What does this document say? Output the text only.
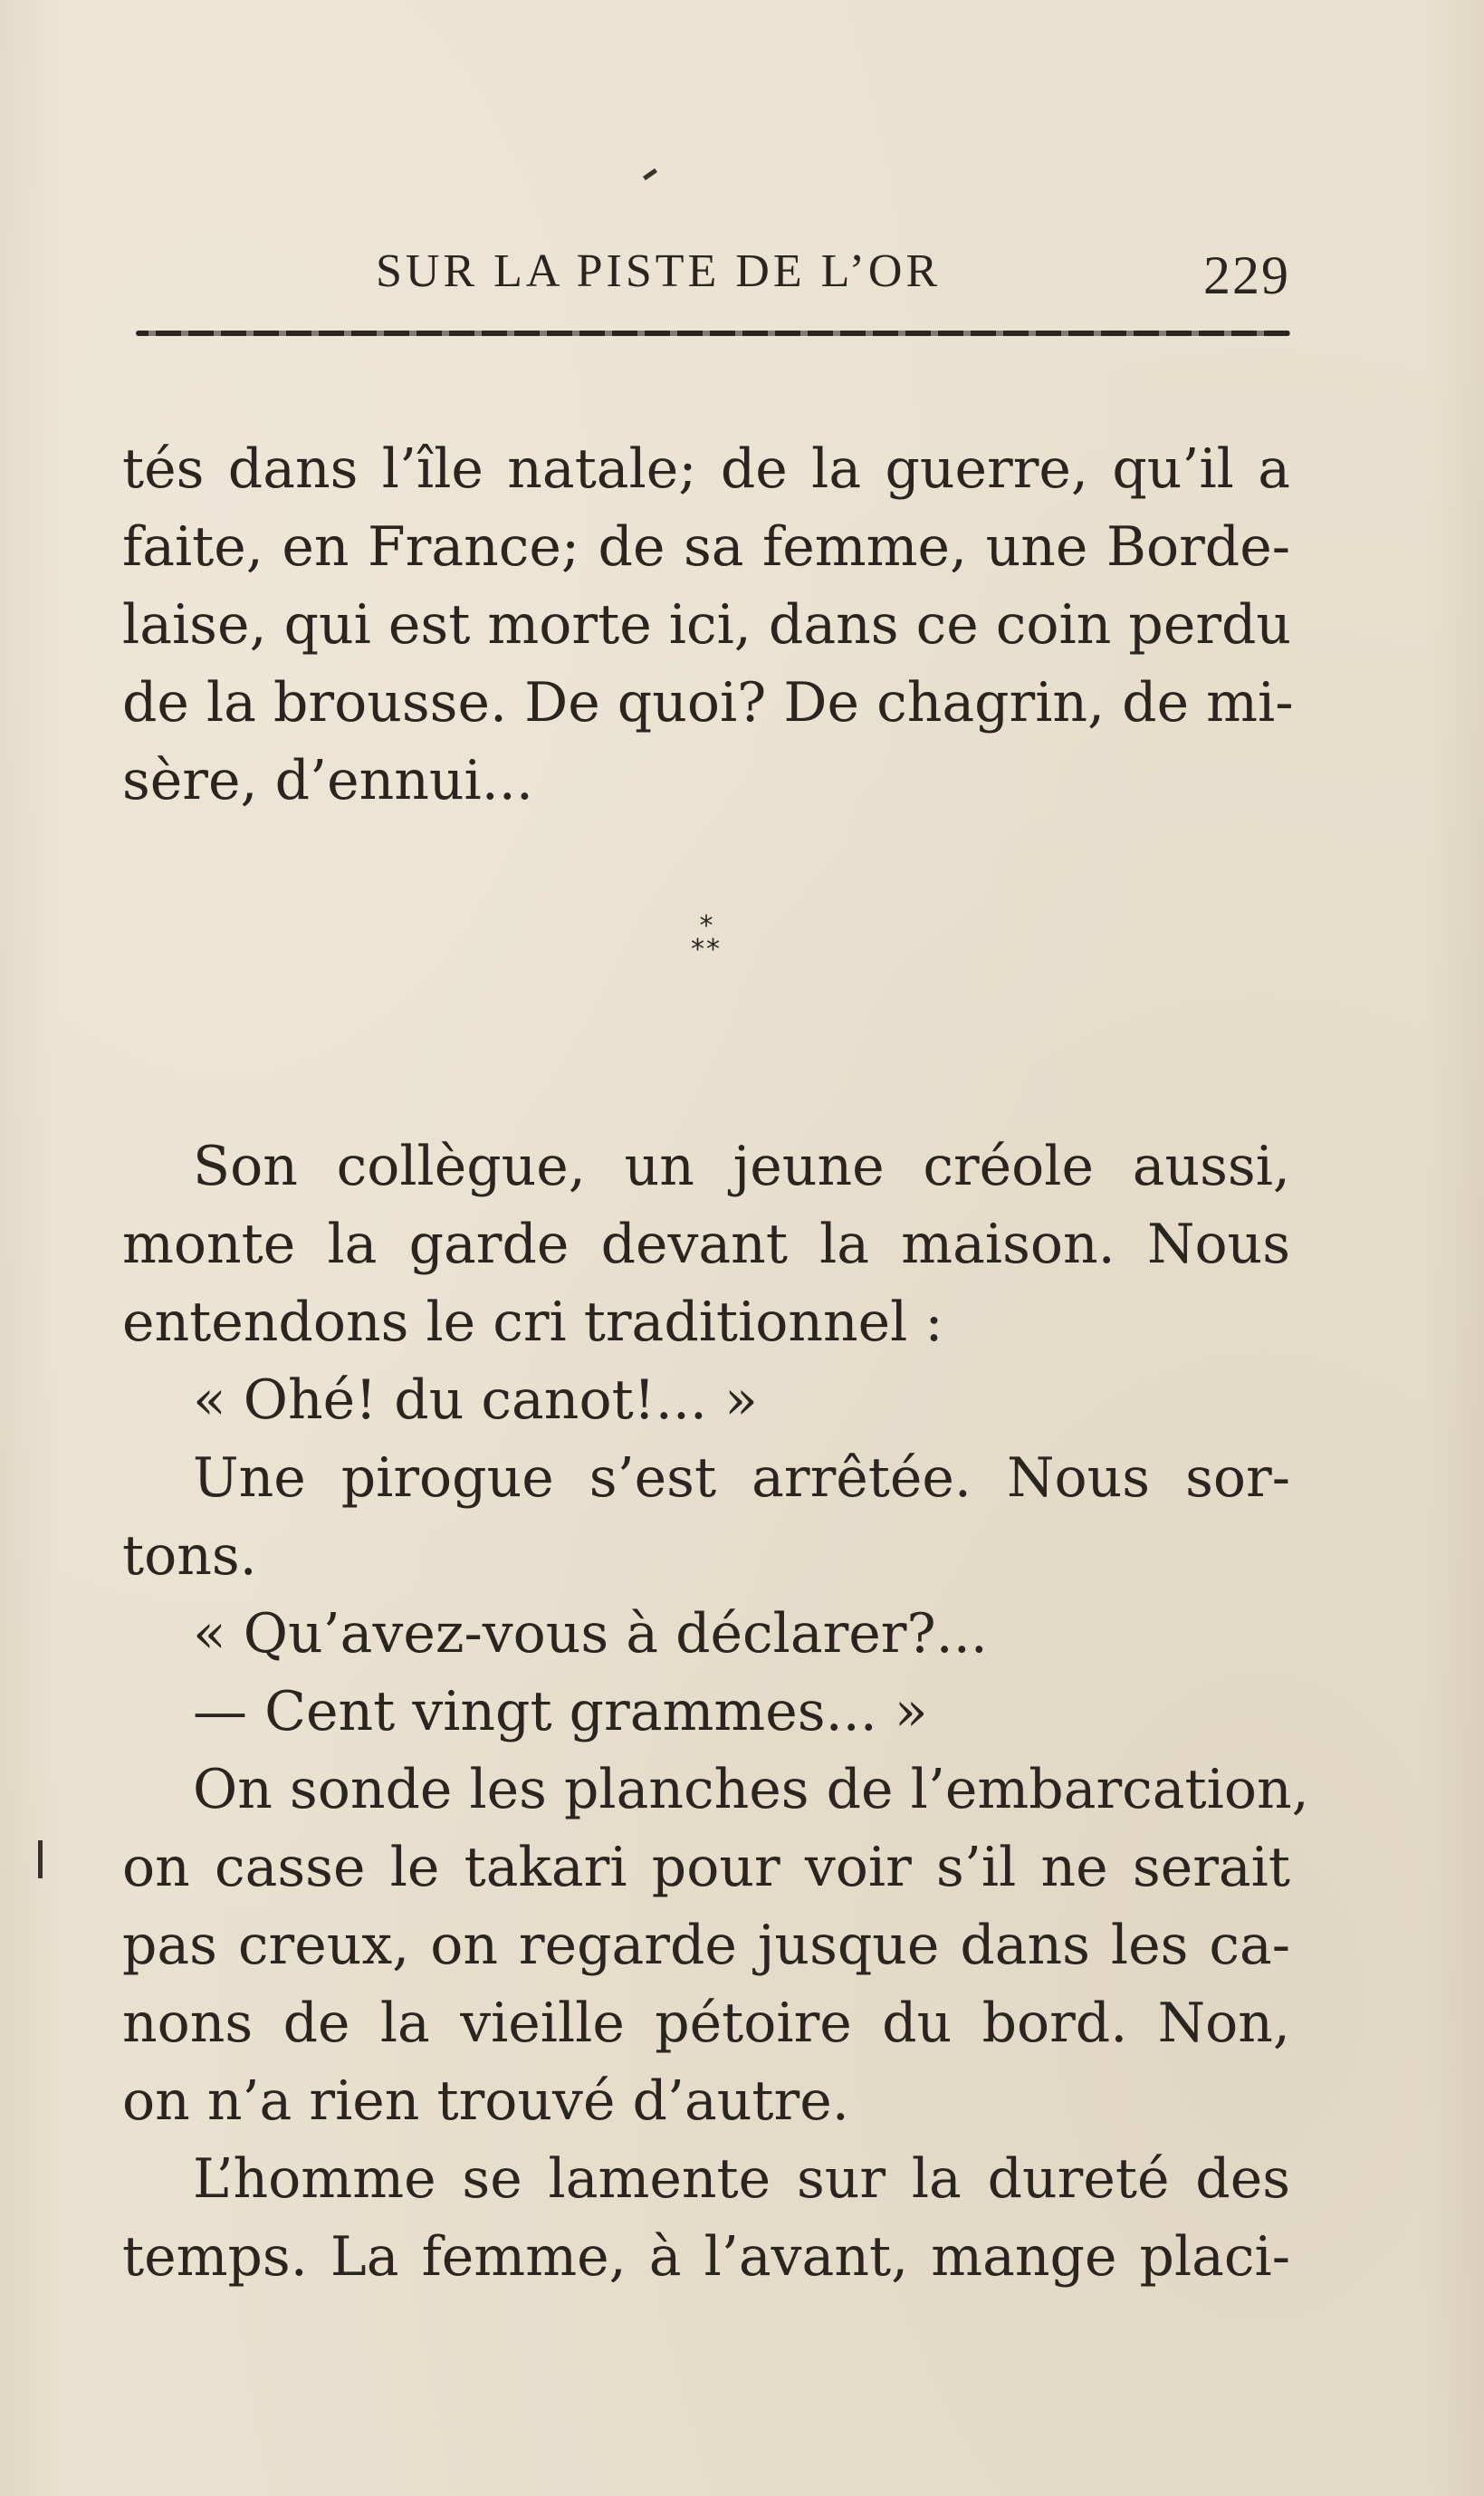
SUR LA PISTE DE L’OR	229
tés dans l’île natale; de la guerre, qu’il a
faite, en France; de sa femme, une Borde-
laise, qui est morte ici, dans ce coin perdu
de la brousse. De quoi? De chagrin, de mi-
sère, d’ennui...
*
**
Son collègue, un jeune créole aussi,
monte la garde devant la maison. Nous
entendons le cri traditionnel :
« Ohé! du canot!... »
Une pirogue s’est arrêtée. Nous sor-
tons.
« Qu’avez-vous à déclarer?...
— Cent vingt grammes... »
On sonde les planches de l’embarcation,
on casse le takari pour voir s’il ne serait
pas creux, on regarde jusque dans les ca-
nons de la vieille pétoire du bord. Non,
on n’a rien trouvé d’autre.
L’homme se lamente sur la dureté des
temps. La femme, à l’avant, mange placi-
